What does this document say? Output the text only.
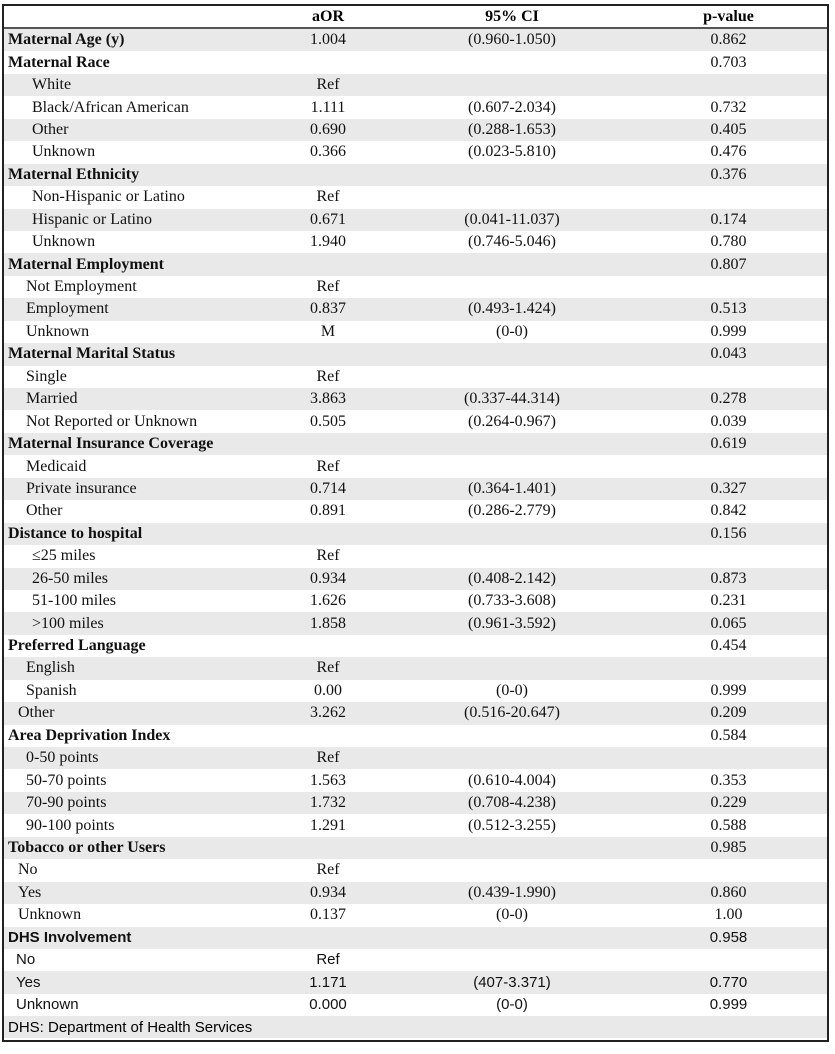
	aOR	95% CI	p-value
Maternal Age (y)	1.004	(0.960-1.050)	0.862
Maternal Race			0.703
White	Ref		
Black/African American	1.111	(0.607-2.034)	0.732
Other	0.690	(0.288-1.653)	0.405
Unknown	0.366	(0.023-5.810)	0.476
Maternal Ethnicity			0.376
Non-Hispanic or Latino	Ref		
Hispanic or Latino	0.671	(0.041-11.037)	0.174
Unknown	1.940	(0.746-5.046)	0.780
Maternal Employment			0.807
Not Employment	Ref		
Employment	0.837	(0.493-1.424)	0.513
Unknown	M	(0-0)	0.999
Maternal Marital Status			0.043
Single	Ref		
Married	3.863	(0.337-44.314)	0.278
Not Reported or Unknown	0.505	(0.264-0.967)	0.039
Maternal Insurance Coverage			0.619
Medicaid	Ref		
Private insurance	0.714	(0.364-1.401)	0.327
Other	0.891	(0.286-2.779)	0.842
Distance to hospital			0.156
≤25 miles	Ref		
26-50 miles	0.934	(0.408-2.142)	0.873
51-100 miles	1.626	(0.733-3.608)	0.231
>100 miles	1.858	(0.961-3.592)	0.065
Preferred Language			0.454
English	Ref		
Spanish	0.00	(0-0)	0.999
Other	3.262	(0.516-20.647)	0.209
Area Deprivation Index			0.584
0-50 points	Ref		
50-70 points	1.563	(0.610-4.004)	0.353
70-90 points	1.732	(0.708-4.238)	0.229
90-100 points	1.291	(0.512-3.255)	0.588
Tobacco or other Users			0.985
No	Ref		
Yes	0.934	(0.439-1.990)	0.860
Unknown	0.137	(0-0)	1.00
DHS Involvement			0.958
No	Ref		
Yes	1.171	(407-3.371)	0.770
Unknown	0.000	(0-0)	0.999
DHS: Department of Health Services			
